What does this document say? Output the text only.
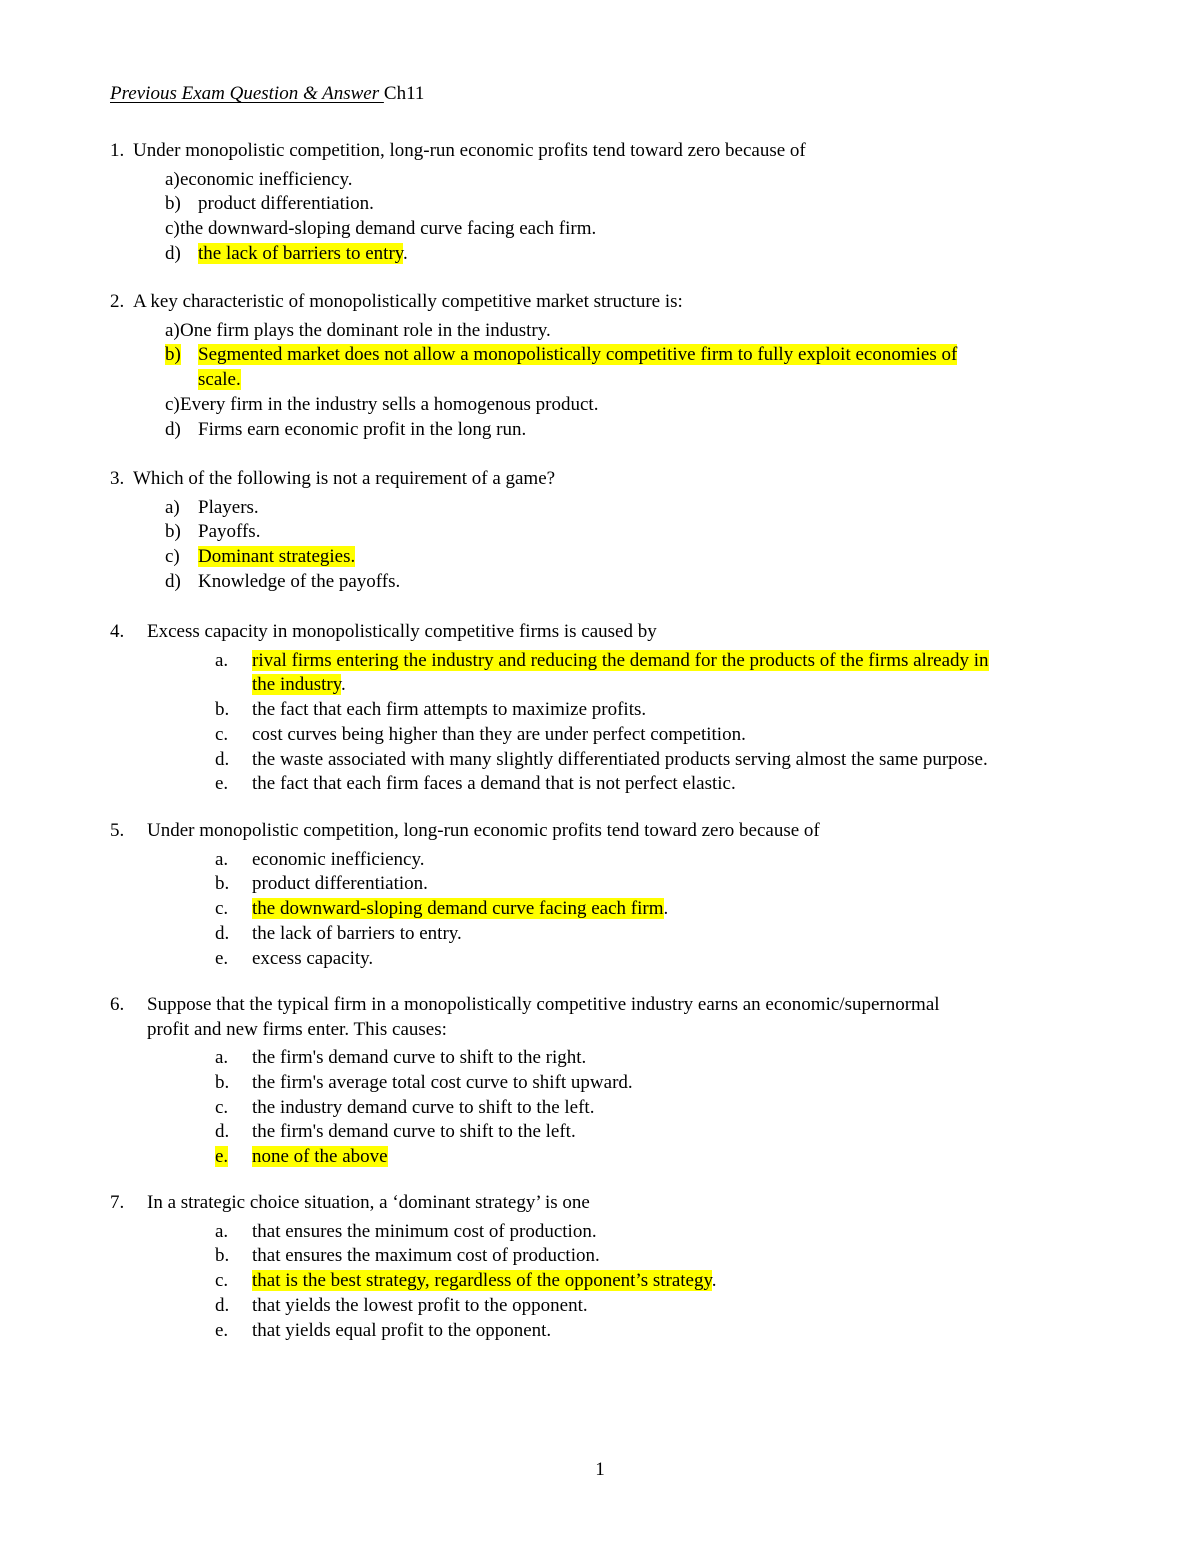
Previous Exam Question & Answer Ch11
1. Under monopolistic competition, long-run economic profits tend toward zero because of
a) economic inefficiency.
b) product differentiation.
c) the downward-sloping demand curve facing each firm.
d) the lack of barriers to entry.
2. A key characteristic of monopolistically competitive market structure is:
a) One firm plays the dominant role in the industry.
b) Segmented market does not allow a monopolistically competitive firm to fully exploit economies of
scale.
c) Every firm in the industry sells a homogenous product.
d) Firms earn economic profit in the long run.
3. Which of the following is not a requirement of a game?
a) Players.
b) Payoffs.
c) Dominant strategies.
d) Knowledge of the payoffs.
4. Excess capacity in monopolistically competitive firms is caused by
a. rival firms entering the industry and reducing the demand for the products of the firms already in
the industry.
b. the fact that each firm attempts to maximize profits.
c. cost curves being higher than they are under perfect competition.
d. the waste associated with many slightly differentiated products serving almost the same purpose.
e. the fact that each firm faces a demand that is not perfect elastic.
5. Under monopolistic competition, long-run economic profits tend toward zero because of
a. economic inefficiency.
b. product differentiation.
c. the downward-sloping demand curve facing each firm.
d. the lack of barriers to entry.
e. excess capacity.
6. Suppose that the typical firm in a monopolistically competitive industry earns an economic/supernormal
profit and new firms enter. This causes:
a. the firm's demand curve to shift to the right.
b. the firm's average total cost curve to shift upward.
c. the industry demand curve to shift to the left.
d. the firm's demand curve to shift to the left.
e. none of the above
7. In a strategic choice situation, a ‘dominant strategy’ is one
a. that ensures the minimum cost of production.
b. that ensures the maximum cost of production.
c. that is the best strategy, regardless of the opponent’s strategy.
d. that yields the lowest profit to the opponent.
e. that yields equal profit to the opponent.
1
